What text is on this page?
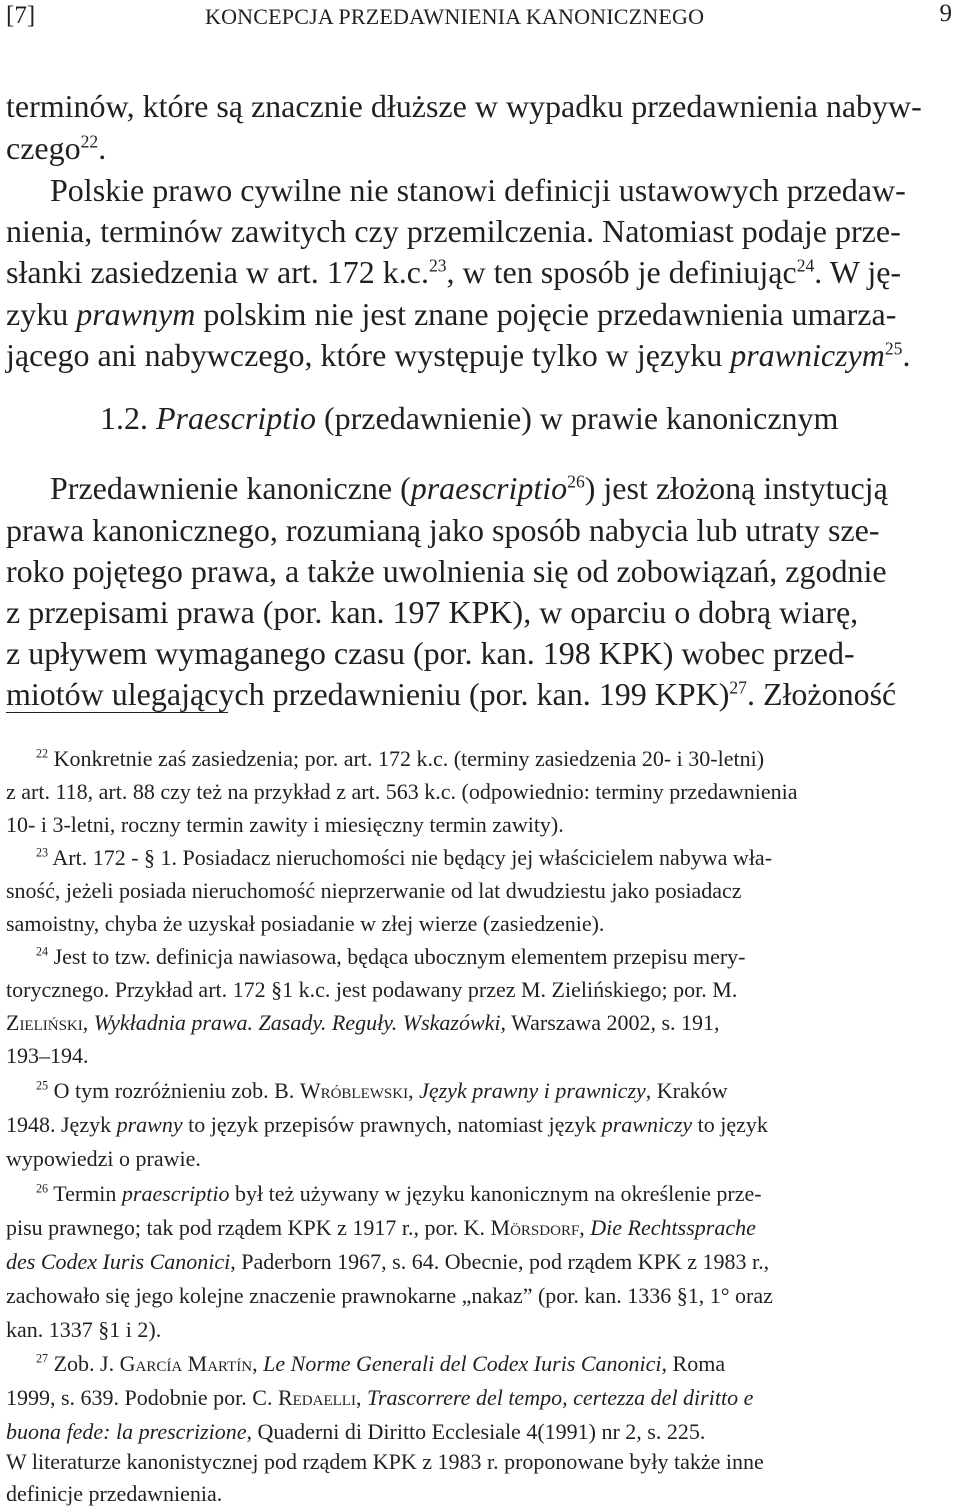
[7]	KONCEPCJA PRZEDAWNIENIA KANONICZNEGO	9
terminów, które są znacznie dłuższe w wypadku przedawnienia nabyw-
czego$^{22}$.
Polskie prawo cywilne nie stanowi definicji ustawowych przedaw-
nienia, terminów zawitych czy przemilczenia. Natomiast podaje prze-
słanki zasiedzenia w art. 172 k.c.$^{23}$, w ten sposób je definiując$^{24}$. W ję-
zyku prawnym polskim nie jest znane pojęcie przedawnienia umarza-
jącego ani nabywczego, które występuje tylko w języku prawniczym$^{25}$.
1.2. Praescriptio (przedawnienie) w prawie kanonicznym
Przedawnienie kanoniczne (praescriptio$^{26}$) jest złożoną instytucją
prawa kanonicznego, rozumianą jako sposób nabycia lub utraty sze-
roko pojętego prawa, a także uwolnienia się od zobowiązań, zgodnie
z przepisami prawa (por. kan. 197 KPK), w oparciu o dobrą wiarę,
z upływem wymaganego czasu (por. kan. 198 KPK) wobec przed-
miotów ulegających przedawnieniu (por. kan. 199 KPK)$^{27}$. Złożoność
$^{22}$ Konkretnie zaś zasiedzenia; por. art. 172 k.c. (terminy zasiedzenia 20- i 30-letni)
z art. 118, art. 88 czy też na przykład z art. 563 k.c. (odpowiednio: terminy przedawnienia
10- i 3-letni, roczny termin zawity i miesięczny termin zawity).
$^{23}$ Art. 172 - § 1. Posiadacz nieruchomości nie będący jej właścicielem nabywa wła-
sność, jeżeli posiada nieruchomość nieprzerwanie od lat dwudziestu jako posiadacz
samoistny, chyba że uzyskał posiadanie w złej wierze (zasiedzenie).
$^{24}$ Jest to tzw. definicja nawiasowa, będąca ubocznym elementem przepisu mery-
torycznego. Przykład art. 172 §1 k.c. jest podawany przez M. Zielińskiego; por. M.
Zieliński, Wykładnia prawa. Zasady. Reguły. Wskazówki, Warszawa 2002, s. 191,
193–194.
$^{25}$ O tym rozróżnieniu zob. B. Wróblewski, Język prawny i prawniczy, Kraków
1948. Język prawny to język przepisów prawnych, natomiast język prawniczy to język
wypowiedzi o prawie.
$^{26}$ Termin praescriptio był też używany w języku kanonicznym na określenie prze-
pisu prawnego; tak pod rządem KPK z 1917 r., por. K. Mörsdorf, Die Rechtssprache
des Codex Iuris Canonici, Paderborn 1967, s. 64. Obecnie, pod rządem KPK z 1983 r.,
zachowało się jego kolejne znaczenie prawnokarne „nakaz” (por. kan. 1336 §1, 1° oraz
kan. 1337 §1 i 2).
$^{27}$ Zob. J. García Martín, Le Norme Generali del Codex Iuris Canonici, Roma
1999, s. 639. Podobnie por. C. Redaelli, Trascorrere del tempo, certezza del diritto e
buona fede: la prescrizione, Quaderni di Diritto Ecclesiale 4(1991) nr 2, s. 225.
W literaturze kanonistycznej pod rządem KPK z 1983 r. proponowane były także inne
definicje przedawnienia.
